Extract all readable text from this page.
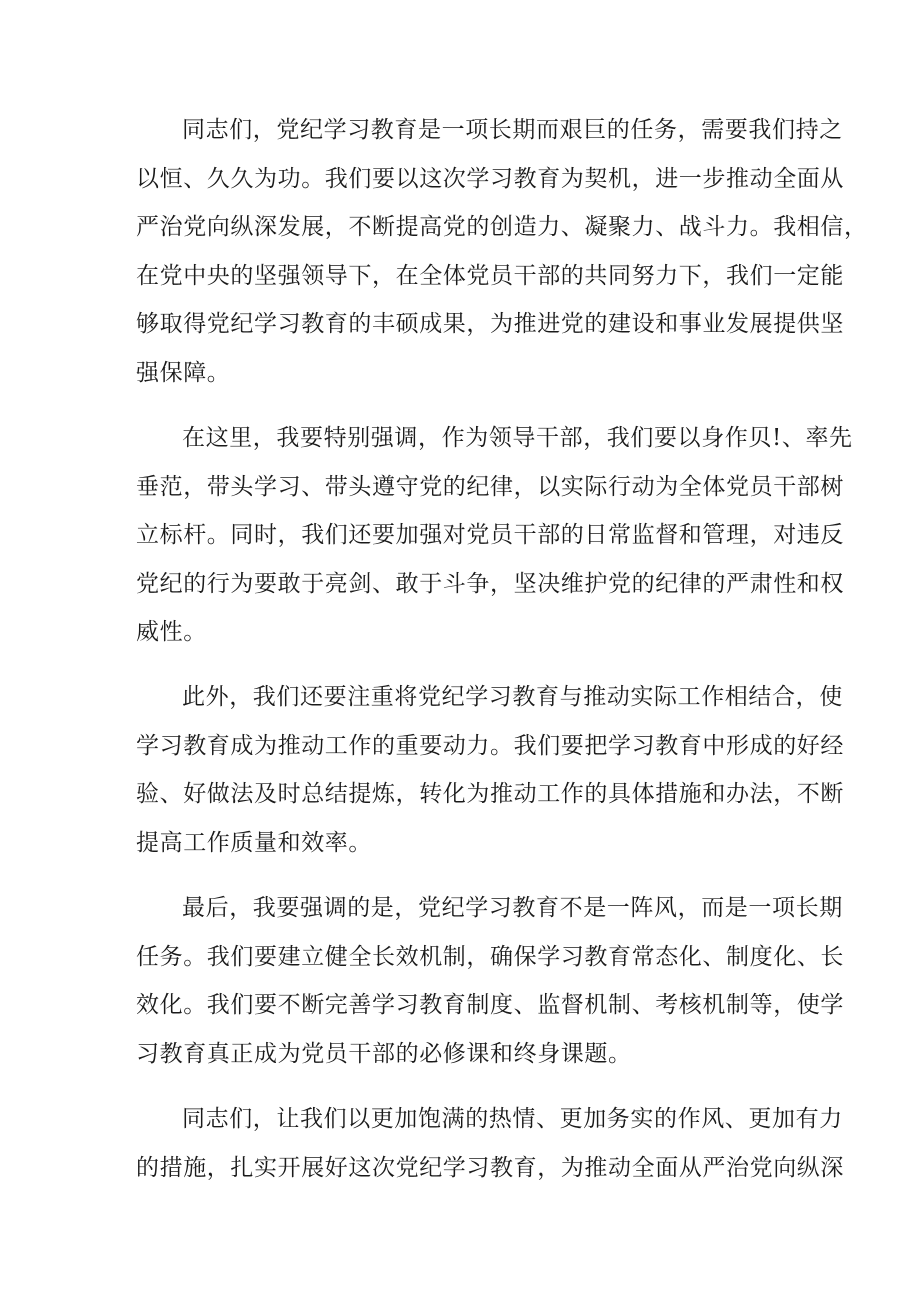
同志们，党纪学习教育是一项长期而艰巨的任务，需要我们持之
以恒、久久为功。我们要以这次学习教育为契机，进一步推动全面从
严治党向纵深发展，不断提高党的创造力、凝聚力、战斗力。我相信，
在党中央的坚强领导下，在全体党员干部的共同努力下，我们一定能
够取得党纪学习教育的丰硕成果，为推进党的建设和事业发展提供坚
强保障。
在这里，我要特别强调，作为领导干部，我们要以身作贝!、率先
垂范，带头学习、带头遵守党的纪律，以实际行动为全体党员干部树
立标杆。同时，我们还要加强对党员干部的日常监督和管理，对违反
党纪的行为要敢于亮剑、敢于斗争，坚决维护党的纪律的严肃性和权
威性。
此外，我们还要注重将党纪学习教育与推动实际工作相结合，使
学习教育成为推动工作的重要动力。我们要把学习教育中形成的好经
验、好做法及时总结提炼，转化为推动工作的具体措施和办法，不断
提高工作质量和效率。
最后，我要强调的是，党纪学习教育不是一阵风，而是一项长期
任务。我们要建立健全长效机制，确保学习教育常态化、制度化、长
效化。我们要不断完善学习教育制度、监督机制、考核机制等，使学
习教育真正成为党员干部的必修课和终身课题。
同志们，让我们以更加饱满的热情、更加务实的作风、更加有力
的措施，扎实开展好这次党纪学习教育，为推动全面从严治党向纵深
